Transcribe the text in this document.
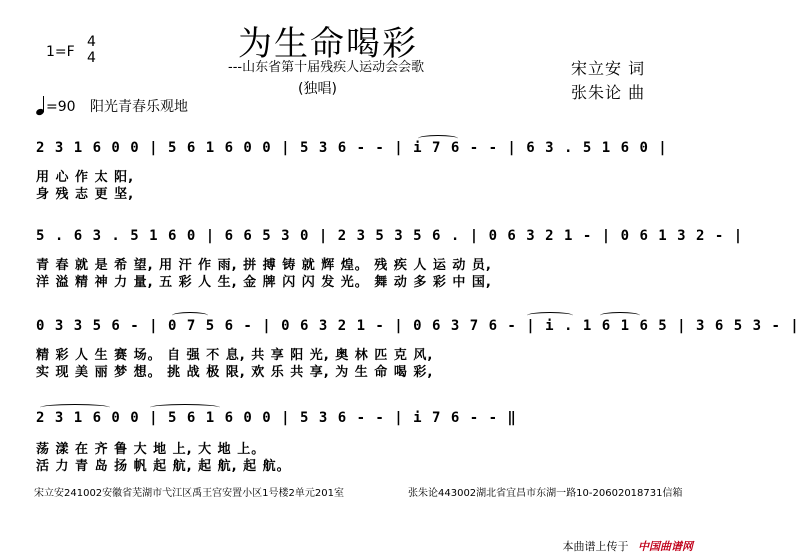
为生命喝彩
---山东省第十届残疾人运动会会歌
(独唱)
1=F
4
4
=90 阳光青春乐观地
宋立安 词
张朱论 曲
2 3 1 6 0 0 | 5 6 1 6 0 0 | 5 3 6 - - | i 7 6 - - | 6 3 . 5 1 6 0 |
用 心 作 太 阳,
身 残 志 更 坚,
5 . 6 3 . 5 1 6 0 | 6 6 5 3 0 | 2 3 5 3 5 6 . | 0 6 3 2 1 - | 0 6 1 3 2 - |
青 春 就 是 希 望, 用 汗 作 雨, 拼 搏 铸 就 辉 煌。 残 疾 人 运 动 员,
洋 溢 精 神 力 量, 五 彩 人 生, 金 牌 闪 闪 发 光。 舞 动 多 彩 中 国,
0 3 3 5 6 - | 0 7 5 6 - | 0 6 3 2 1 - | 0 6 3 7 6 - | i . 1 6 1 6 5 | 3 6 5 3 - |
精 彩 人 生 赛 场。 自 强 不 息, 共 享 阳 光, 奥 林 匹 克 风,
实 现 美 丽 梦 想。 挑 战 极 限, 欢 乐 共 享, 为 生 命 喝 彩,
2 3 1 6 0 0 | 5 6 1 6 0 0 | 5 3 6 - - | i 7 6 - - ‖
荡 漾 在 齐 鲁 大 地 上, 大 地 上。
活 力 青 岛 扬 帆 起 航, 起 航, 起 航。
宋立安241002安徽省芜湖市弋江区禹王宫安置小区1号楼2单元201室	张朱论443002湖北省宜昌市东湖一路10-20602018731信箱
本曲谱上传于 中国曲谱网
